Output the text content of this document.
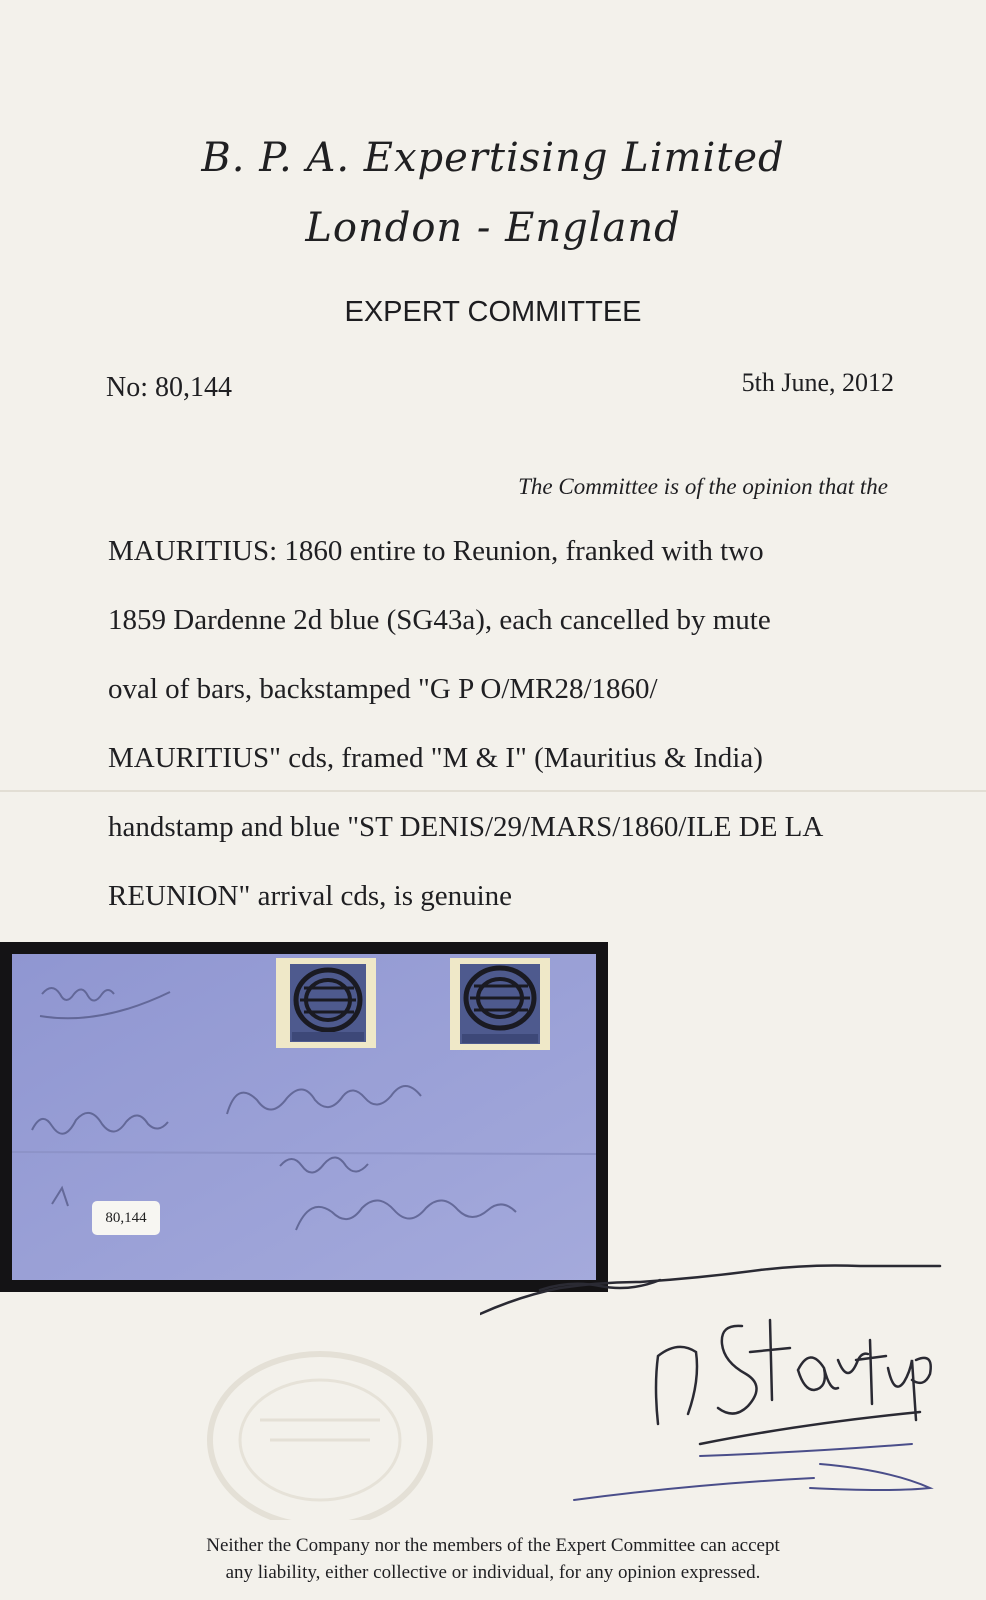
B. P. A. Expertising Limited
London - England
EXPERT COMMITTEE
No: 80,144	5th June, 2012
The Committee is of the opinion that the
MAURITIUS: 1860 entire to Reunion, franked with two
1859 Dardenne 2d blue (SG43a), each cancelled by mute
oval of bars, backstamped "G P O/MR28/1860/
MAURITIUS" cds, framed "M & I" (Mauritius & India)
handstamp and blue "ST DENIS/29/MARS/1860/ILE DE LA
REUNION" arrival cds, is genuine
80,144
Neither the Company nor the members of the Expert Committee can accept
any liability, either collective or individual, for any opinion expressed.
